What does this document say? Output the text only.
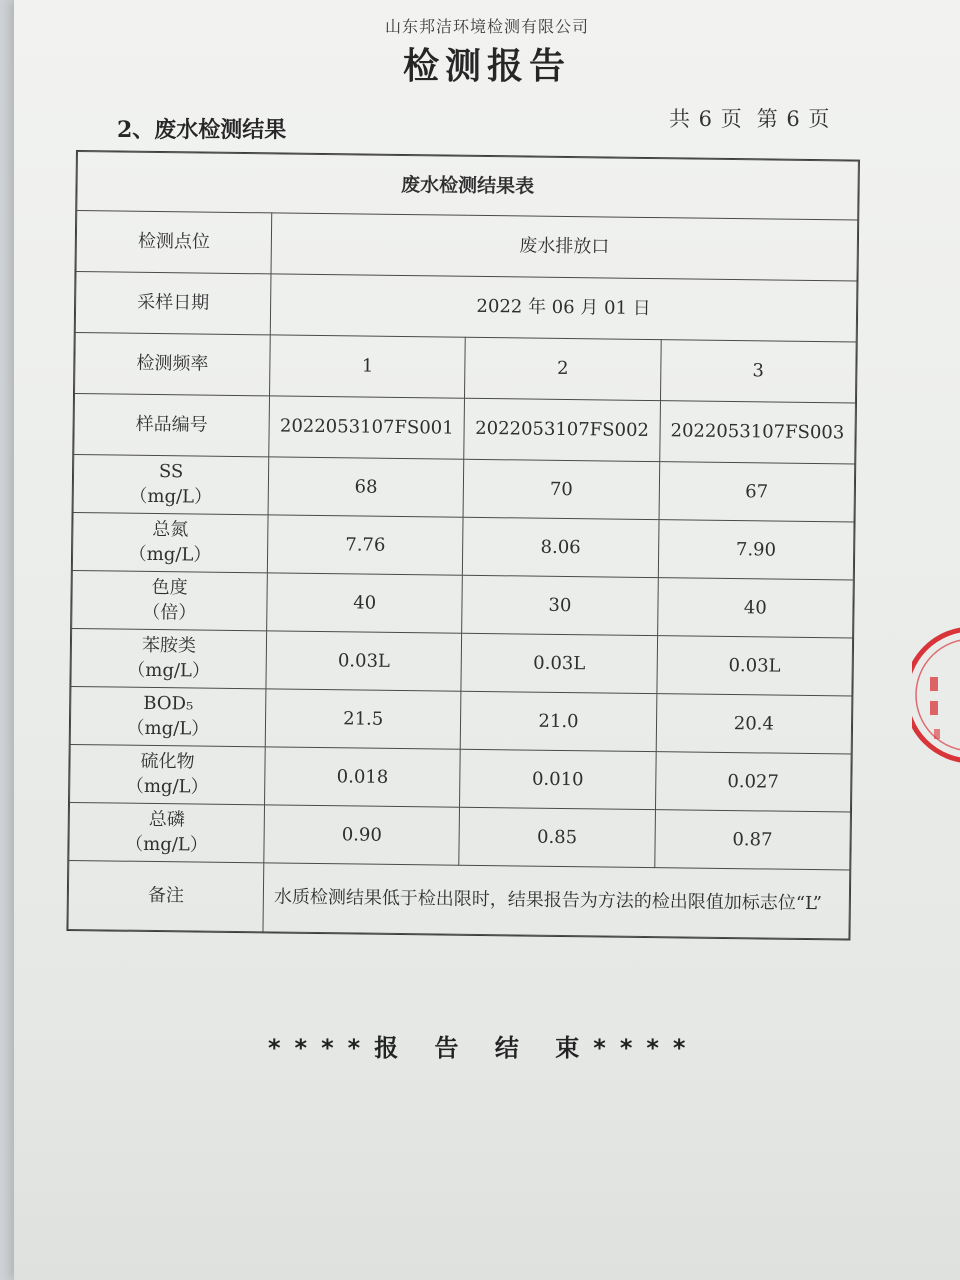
山东邦洁环境检测有限公司
检测报告
2、废水检测结果	共 6 页 第 6 页
废水检测结果表			
检测点位	废水排放口		
采样日期	2022 年 06 月 01 日		
检测频率	1	2	3
样品编号	2022053107FS001	2022053107FS002	2022053107FS003

SS
（mg/L）	68	70	67

总氮
（mg/L）	7.76	8.06	7.90

色度
（倍）	40	30	40

苯胺类
（mg/L）	0.03L	0.03L	0.03L

BOD₅
（mg/L）	21.5	21.0	20.4

硫化物
（mg/L）	0.018	0.010	0.027

总磷
（mg/L）	0.90	0.85	0.87
备注	水质检测结果低于检出限时，结果报告为方法的检出限值加标志位“L”		
****报 告 结 束****
